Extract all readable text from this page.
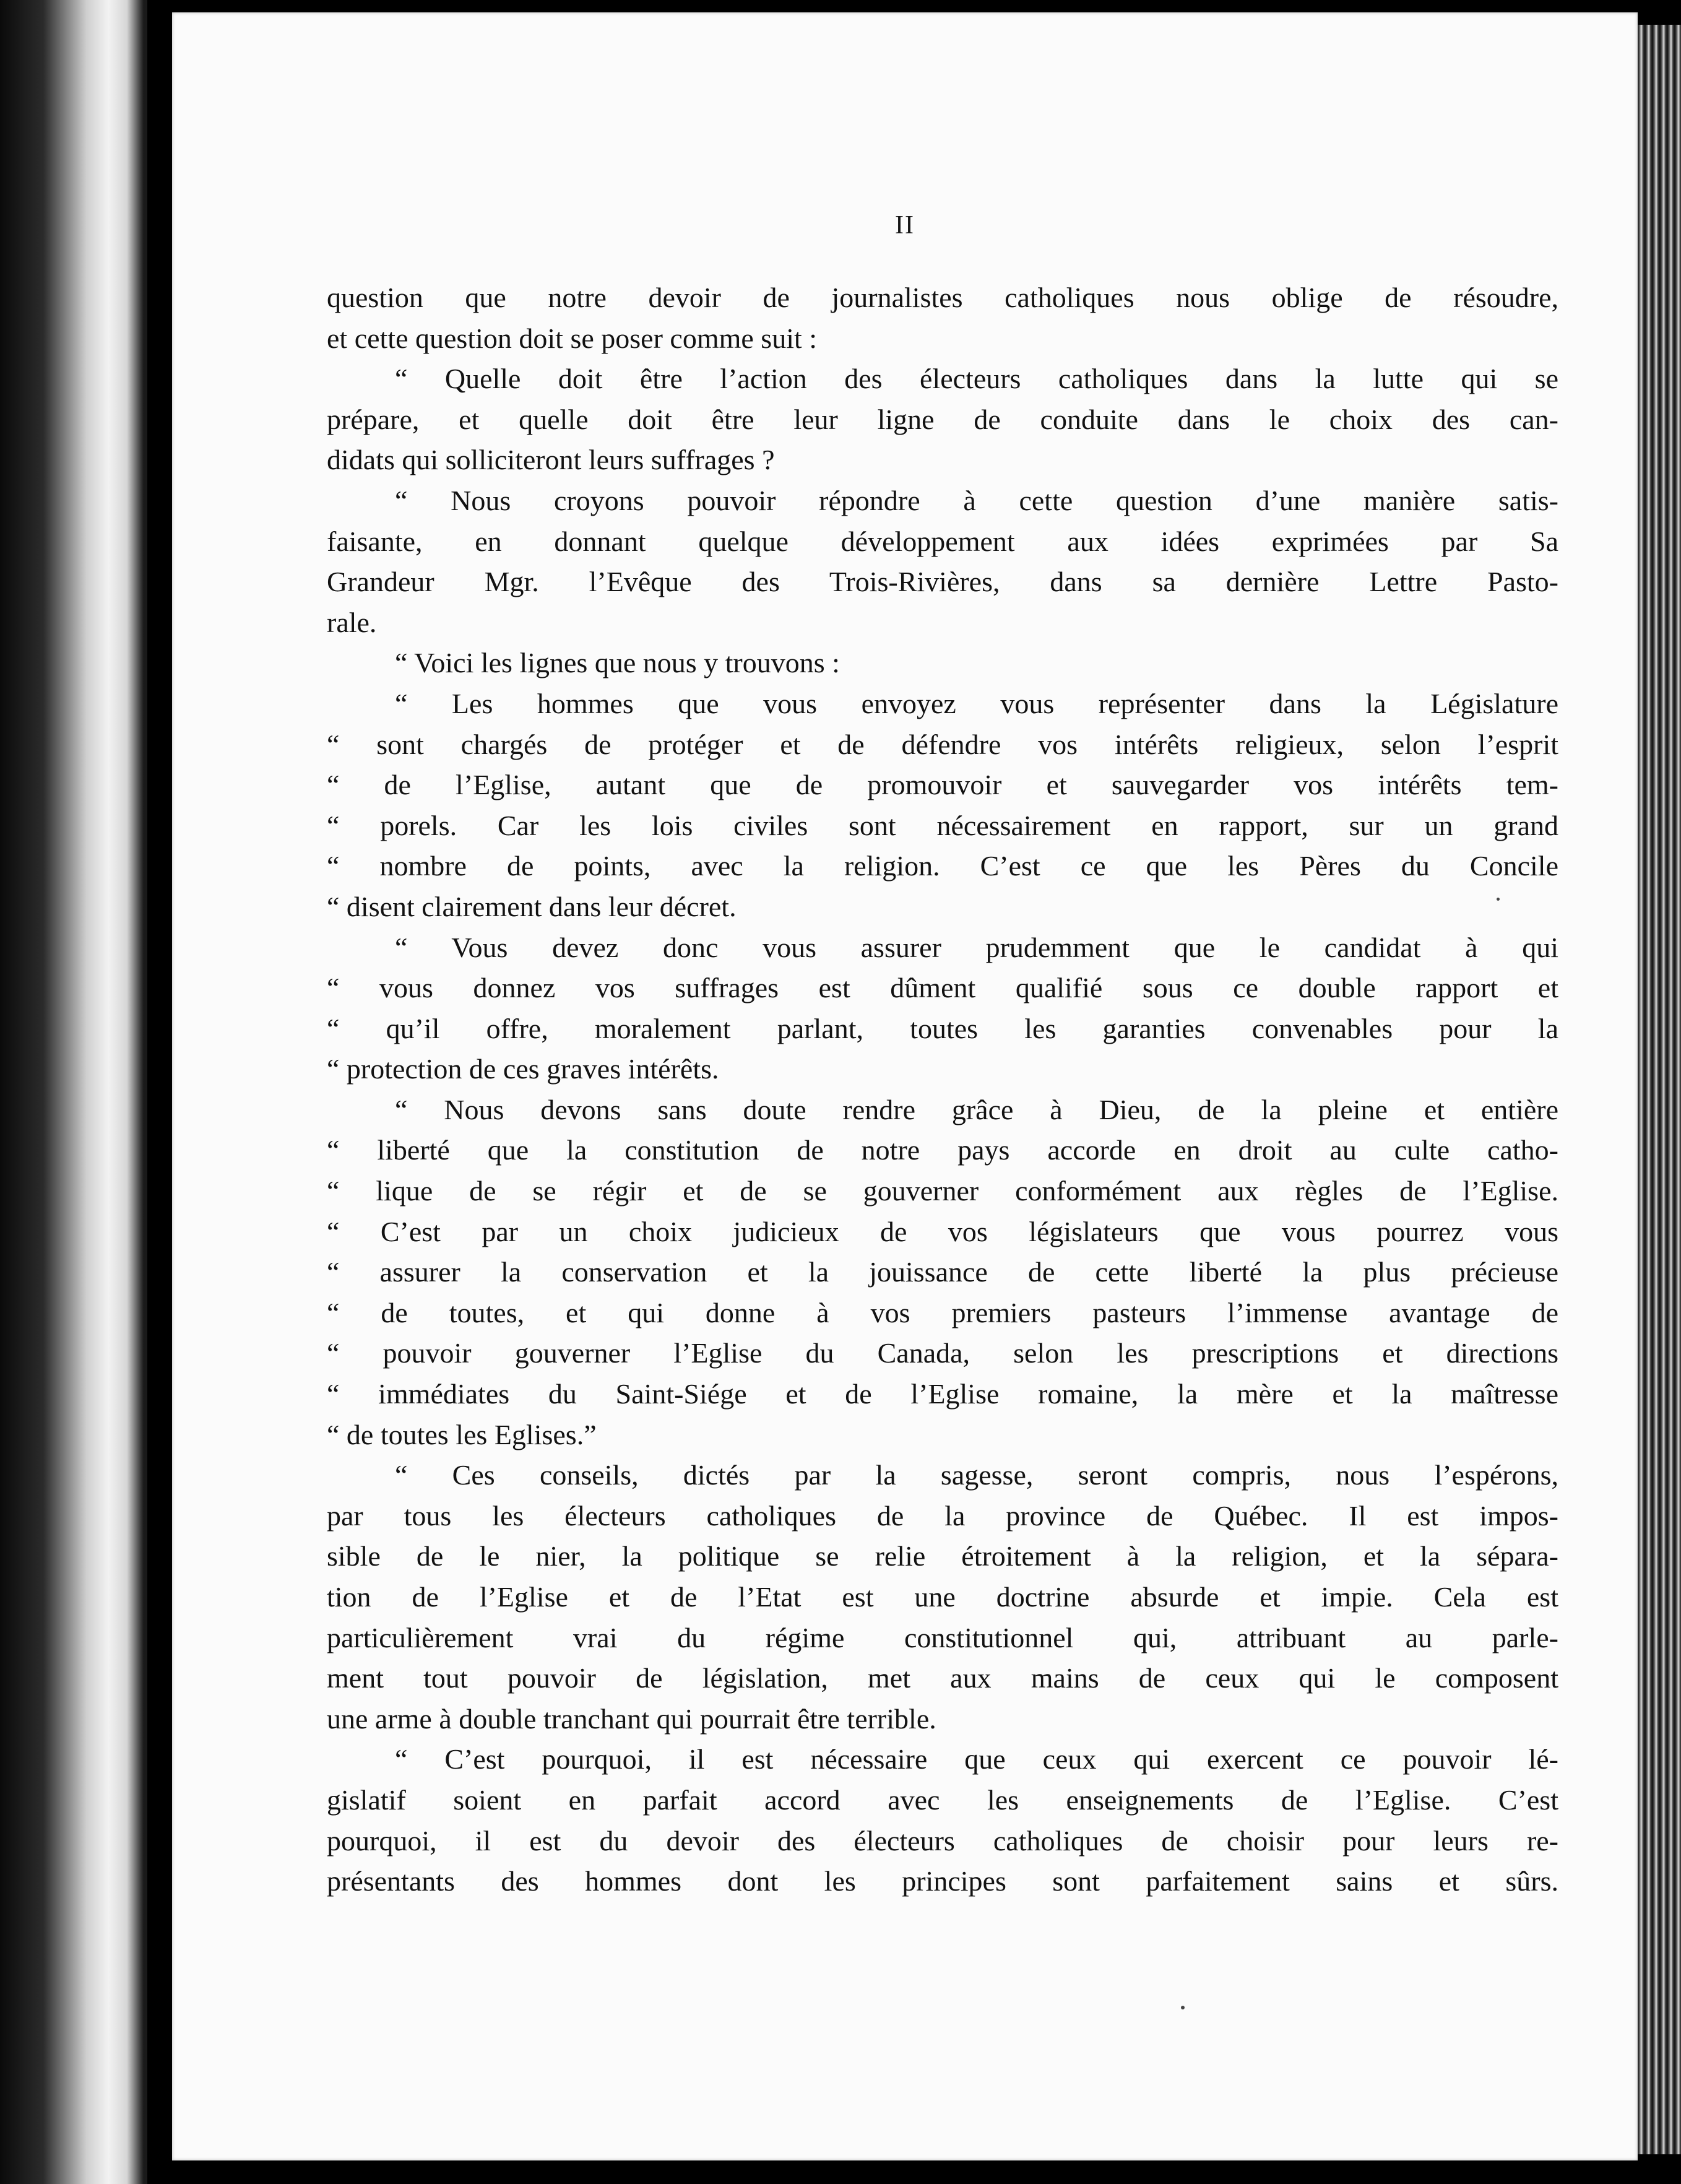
II
question que notre devoir de journalistes catholiques nous oblige de résoudre,
et cette question doit se poser comme suit :
“ Quelle doit être l’action des électeurs catholiques dans la lutte qui se
prépare, et quelle doit être leur ligne de conduite dans le choix des can-
didats qui solliciteront leurs suffrages ?
“ Nous croyons pouvoir répondre à cette question d’une manière satis-
faisante, en donnant quelque développement aux idées exprimées par Sa
Grandeur Mgr. l’Evêque des Trois-Rivières, dans sa dernière Lettre Pasto-
rale.
“ Voici les lignes que nous y trouvons :
“ Les hommes que vous envoyez vous représenter dans la Législature
“ sont chargés de protéger et de défendre vos intérêts religieux, selon l’esprit
“ de l’Eglise, autant que de promouvoir et sauvegarder vos intérêts tem-
“ porels. Car les lois civiles sont nécessairement en rapport, sur un grand
“ nombre de points, avec la religion. C’est ce que les Pères du Concile
“ disent clairement dans leur décret.
“ Vous devez donc vous assurer prudemment que le candidat à qui
“ vous donnez vos suffrages est dûment qualifié sous ce double rapport et
“ qu’il offre, moralement parlant, toutes les garanties convenables pour la
“ protection de ces graves intérêts.
“ Nous devons sans doute rendre grâce à Dieu, de la pleine et entière
“ liberté que la constitution de notre pays accorde en droit au culte catho-
“ lique de se régir et de se gouverner conformément aux règles de l’Eglise.
“ C’est par un choix judicieux de vos législateurs que vous pourrez vous
“ assurer la conservation et la jouissance de cette liberté la plus précieuse
“ de toutes, et qui donne à vos premiers pasteurs l’immense avantage de
“ pouvoir gouverner l’Eglise du Canada, selon les prescriptions et directions
“ immédiates du Saint-Siége et de l’Eglise romaine, la mère et la maîtresse
“ de toutes les Eglises.”
“ Ces conseils, dictés par la sagesse, seront compris, nous l’espérons,
par tous les électeurs catholiques de la province de Québec. Il est impos-
sible de le nier, la politique se relie étroitement à la religion, et la sépara-
tion de l’Eglise et de l’Etat est une doctrine absurde et impie. Cela est
particulièrement vrai du régime constitutionnel qui, attribuant au parle-
ment tout pouvoir de législation, met aux mains de ceux qui le composent
une arme à double tranchant qui pourrait être terrible.
“ C’est pourquoi, il est nécessaire que ceux qui exercent ce pouvoir lé-
gislatif soient en parfait accord avec les enseignements de l’Eglise. C’est
pourquoi, il est du devoir des électeurs catholiques de choisir pour leurs re-
présentants des hommes dont les principes sont parfaitement sains et sûrs.
